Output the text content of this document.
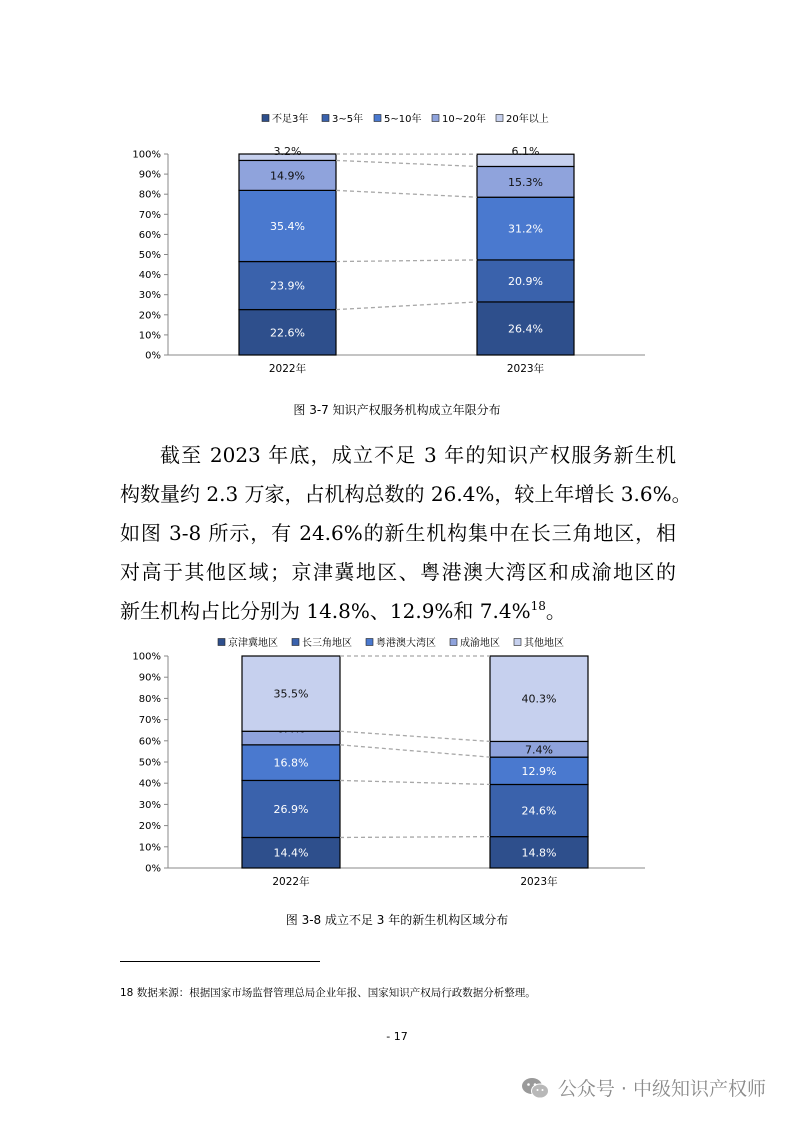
不足3年 3~5年 5~10年 10~20年 20年以上
0%
10%
20%
30%
40%
50%
60%
70%
80%
90%
100%
22.6%
23.9%
35.4%
14.9%
3.2%
2022年
26.4%
20.9%
31.2%
15.3%
6.1%
2023年
图 3-7 知识产权服务机构成立年限分布
截至 2023 年底，成立不足 3 年的知识产权服务新生机
构数量约 2.3 万家，占机构总数的 26.4%，较上年增长 3.6%。
如图 3-8 所示，有 24.6%的新生机构集中在长三角地区，相
对高于其他区域；京津冀地区、粤港澳大湾区和成渝地区的
新生机构占比分别为 14.8%、12.9%和 7.4%$^{18}$。
京津冀地区 长三角地区 粤港澳大湾区 成渝地区 其他地区
0%
10%
20%
30%
40%
50%
60%
70%
80%
90%
100%
14.4%
26.9%
16.8%
35.5%
2022年
14.8%
24.6%
12.9%
7.4%
40.3%
2023年
图 3-8 成立不足 3 年的新生机构区域分布
18 数据来源：根据国家市场监督管理总局企业年报、国家知识产权局行政数据分析整理。
- 17
公众号 · 中级知识产权师
